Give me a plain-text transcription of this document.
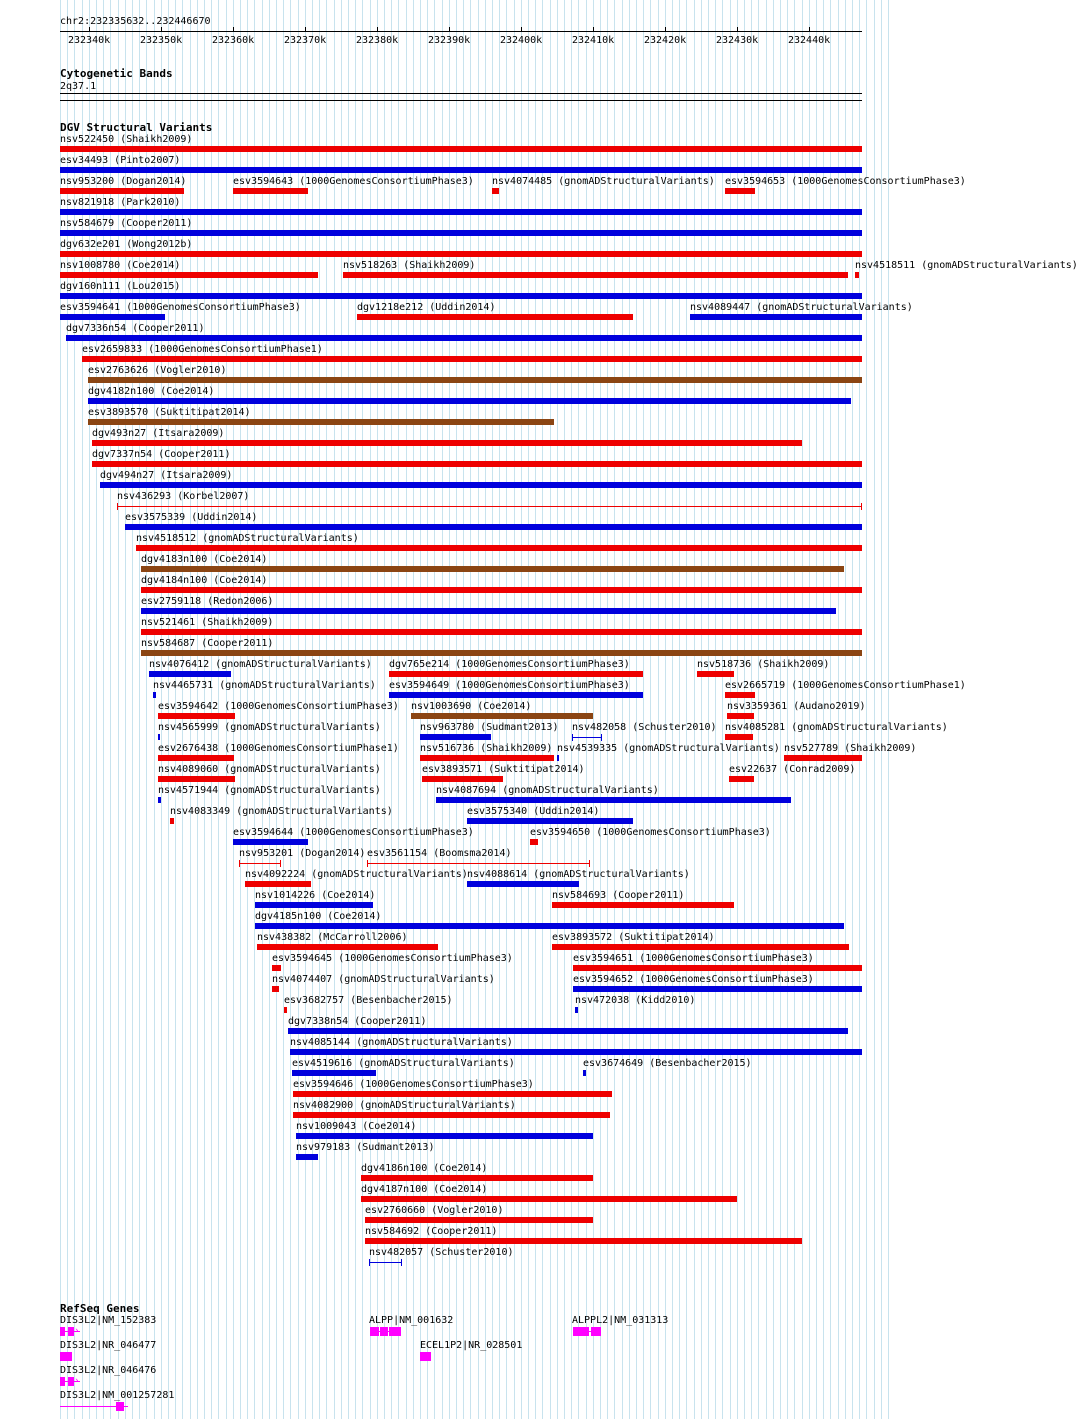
chr2:232335632..232446670
232340k	232350k	232360k	232370k	232380k	232390k	232400k	232410k	232420k	232430k	232440k
Cytogenetic Bands
2q37.1
DGV Structural Variants
nsv522450 (Shaikh2009)
esv34493 (Pinto2007)
nsv953200 (Dogan2014)	esv3594643 (1000GenomesConsortiumPhase3) nsv4074485 (gnomADStructuralVariants) esv3594653 (1000GenomesConsortiumPhase3)
nsv821918 (Park2010)
nsv584679 (Cooper2011)
dgv632e201 (Wong2012b)
nsv1008780 (Coe2014)	nsv518263 (Shaikh2009)	nsv4518511 (gnomADStructuralVariants)
dgv160n111 (Lou2015)
esv3594641 (1000GenomesConsortiumPhase3)	dgv1218e212 (Uddin2014)	nsv4089447 (gnomADStructuralVariants)
dgv7336n54 (Cooper2011)
esv2659833 (1000GenomesConsortiumPhase1)
esv2763626 (Vogler2010)
dgv4182n100 (Coe2014)
esv3893570 (Suktitipat2014)
dgv493n27 (Itsara2009)
dgv7337n54 (Cooper2011)
dgv494n27 (Itsara2009)
nsv436293 (Korbel2007)
esv3575339 (Uddin2014)
nsv4518512 (gnomADStructuralVariants)
dgv4183n100 (Coe2014)
dgv4184n100 (Coe2014)
esv2759118 (Redon2006)
nsv521461 (Shaikh2009)
nsv584687 (Cooper2011)
nsv4076412 (gnomADStructuralVariants) dgv765e214 (1000GenomesConsortiumPhase3)	nsv518736 (Shaikh2009)
nsv4465731 (gnomADStructuralVariants) esv3594649 (1000GenomesConsortiumPhase3)	esv2665719 (1000GenomesConsortiumPhase1)
esv3594642 (1000GenomesConsortiumPhase3) nsv1003690 (Coe2014)	nsv3359361 (Audano2019)
nsv4565999 (gnomADStructuralVariants)	nsv963780 (Sudmant2013) nsv482058 (Schuster2010) nsv4085281 (gnomADStructuralVariants)
esv2676438 (1000GenomesConsortiumPhase1) nsv516736 (Shaikh2009) nsv4539335 (gnomADStructuralVariants) nsv527789 (Shaikh2009)
nsv4089060 (gnomADStructuralVariants)	esv3893571 (Suktitipat2014)	esv22637 (Conrad2009)
nsv4571944 (gnomADStructuralVariants)	nsv4087694 (gnomADStructuralVariants)
nsv4083349 (gnomADStructuralVariants)	esv3575340 (Uddin2014)
esv3594644 (1000GenomesConsortiumPhase3)	esv3594650 (1000GenomesConsortiumPhase3)
nsv953201 (Dogan2014) esv3561154 (Boomsma2014)
nsv4092224 (gnomADStructuralVariants) nsv4088614 (gnomADStructuralVariants)
nsv1014226 (Coe2014)	nsv584693 (Cooper2011)
dgv4185n100 (Coe2014)
nsv438382 (McCarroll2006)	esv3893572 (Suktitipat2014)
esv3594645 (1000GenomesConsortiumPhase3)	esv3594651 (1000GenomesConsortiumPhase3)
nsv4074407 (gnomADStructuralVariants)	esv3594652 (1000GenomesConsortiumPhase3)
esv3682757 (Besenbacher2015)	nsv472038 (Kidd2010)
dgv7338n54 (Cooper2011)
nsv4085144 (gnomADStructuralVariants)
esv4519616 (gnomADStructuralVariants)	esv3674649 (Besenbacher2015)
esv3594646 (1000GenomesConsortiumPhase3)
nsv4082900 (gnomADStructuralVariants)
nsv1009043 (Coe2014)
nsv979183 (Sudmant2013)
dgv4186n100 (Coe2014)
dgv4187n100 (Coe2014)
esv2760660 (Vogler2010)
nsv584692 (Cooper2011)
nsv482057 (Schuster2010)
RefSeq Genes
DIS3L2|NM_152383
›
ALPP|NM_001632	ALPPL2|NM_031313
DIS3L2|NR_046477	ECEL1P2|NR_028501
DIS3L2|NR_046476
›
DIS3L2|NM_001257281
